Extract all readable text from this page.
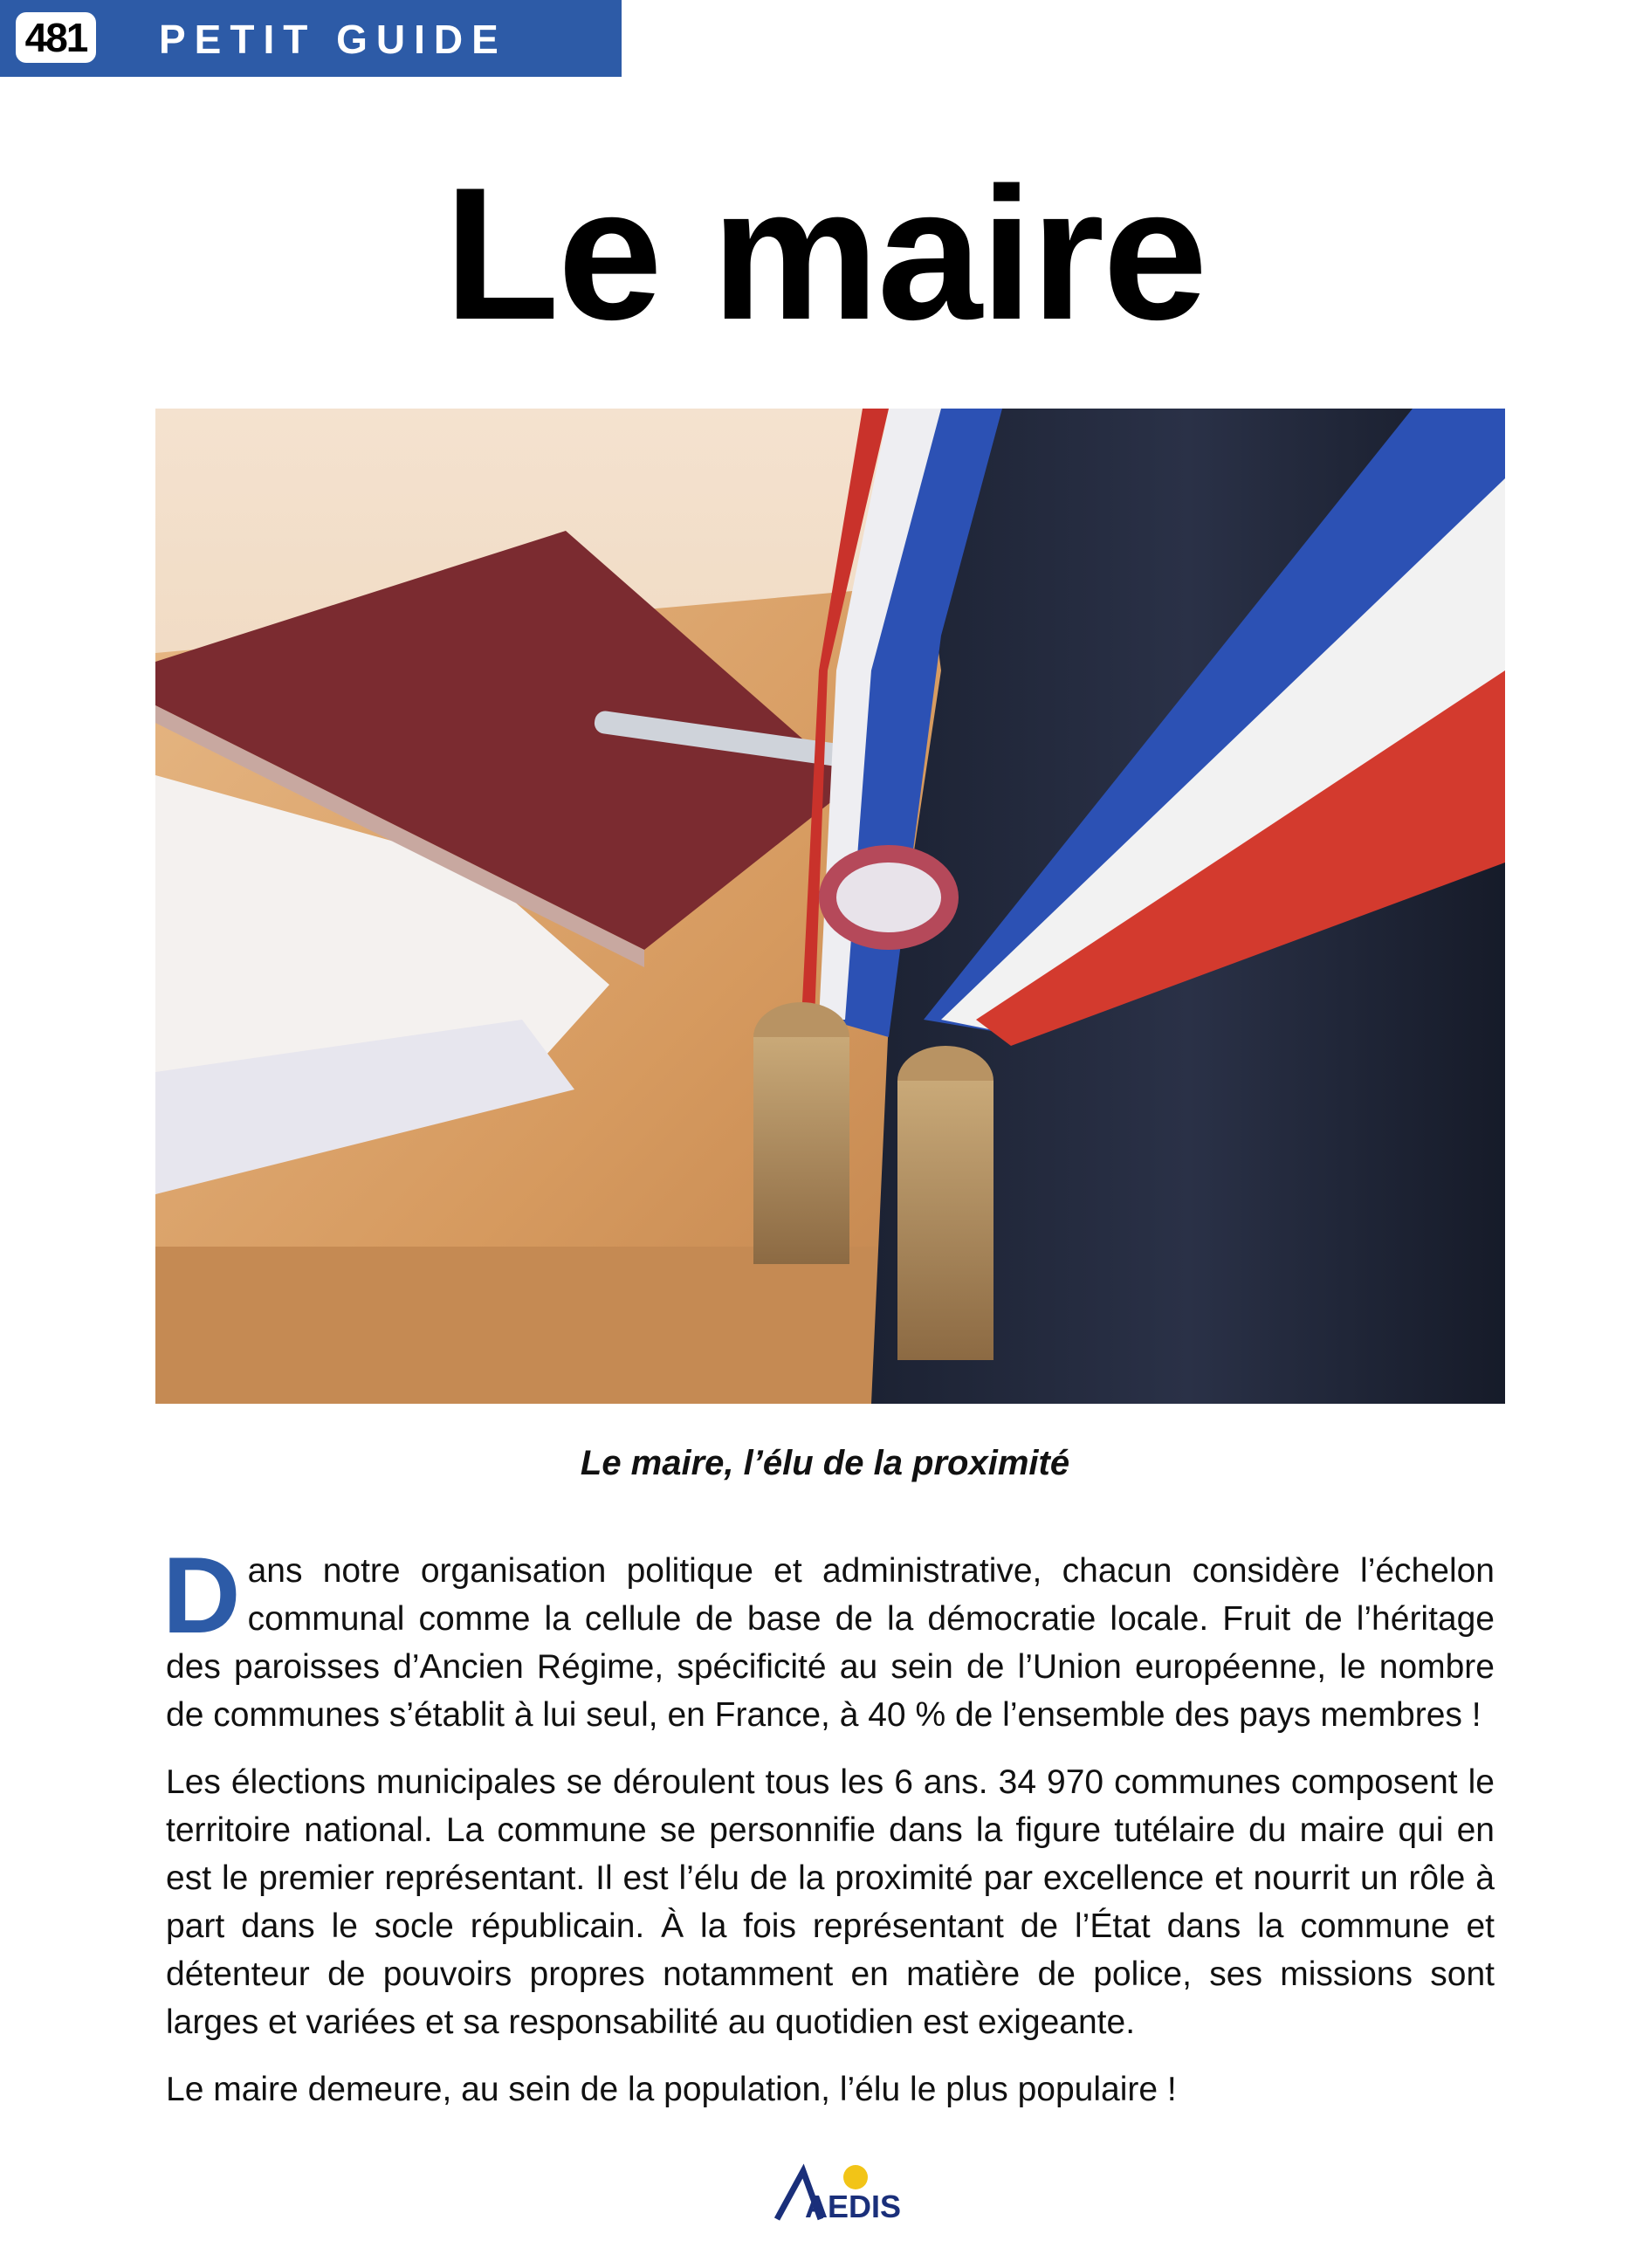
481 PETIT GUIDE
Le maire
Le maire, l’élu de la proximité

Dans notre organisation politique et administrative, chacun considère l’échelon communal comme la cellule de base de la démocratie locale. Fruit de l’héritage des paroisses d’Ancien Régime, spécificité au sein de l’Union européenne, le nombre de communes s’établit à lui seul, en France, à 40 % de l’ensemble des pays membres !

Les élections municipales se déroulent tous les 6 ans. 34 970 communes composent le territoire national. La commune se personnifie dans la figure tutélaire du maire qui en est le premier représentant. Il est l’élu de la proximité par excellence et nourrit un rôle à part dans le socle républicain. À la fois représentant de l’État dans la commune et détenteur de pouvoirs propres notamment en matière de police, ses missions sont larges et variées et sa responsabilité au quotidien est exigeante.

Le maire demeure, au sein de la population, l’élu le plus populaire !

AEDIS
